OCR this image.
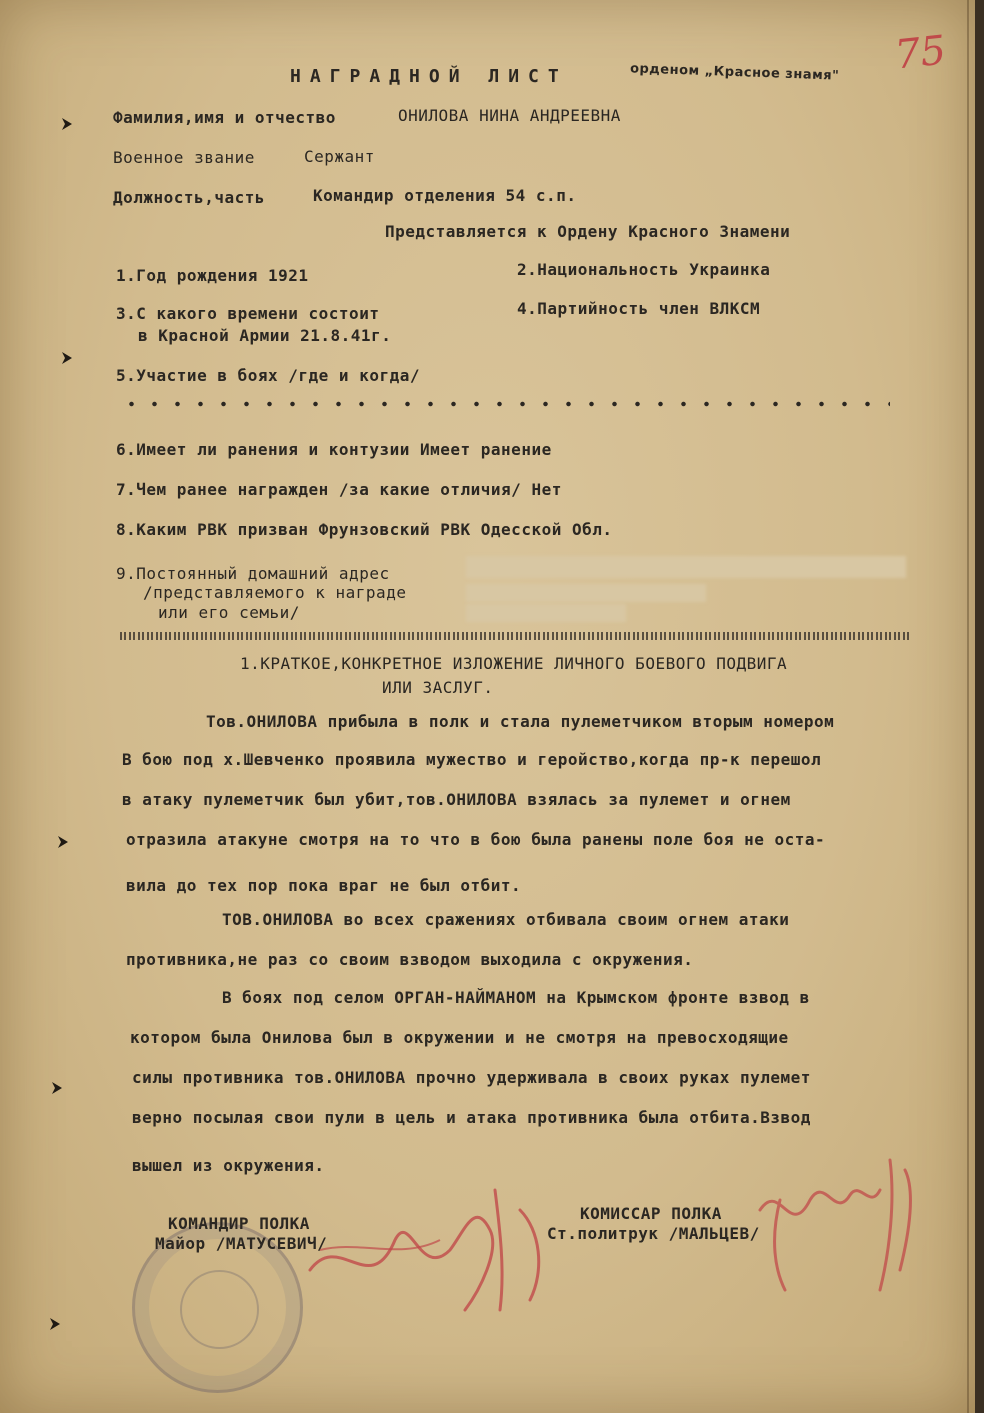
НАГРАДНОЙ ЛИСТ	орденом „Красное знамя" 75
Фамилия,имя и отчество	ОНИЛОВА НИНА АНДРЕЕВНА
Военное звание	Сержант
Должность,часть	Командир отделения 54 с.п.
Представляется к Ордену Красного Знамени
1.Год рождения 1921	2.Национальность Украинка
3.С какого времени состоит
в Красной Армии 21.8.41г.
4.Партийность член ВЛКСМ
5.Участие в боях /где и когда/
6.Имеет ли ранения и контузии Имеет ранение
7.Чем ранее награжден /за какие отличия/ Нет
8.Каким РВК призван Фрунзовский РВК Одесской Обл.
9.Постоянный домашний адрес
/представляемого к награде
или его семьи/
1.КРАТКОЕ,КОНКРЕТНОЕ ИЗЛОЖЕНИЕ ЛИЧНОГО БОЕВОГО ПОДВИГА
ИЛИ ЗАСЛУГ.
Тов.ОНИЛОВА прибыла в полк и стала пулеметчиком вторым номером
В бою под х.Шевченко проявила мужество и геройство,когда пр-к перешол
в атаку пулеметчик был убит,тов.ОНИЛОВА взялась за пулемет и огнем
отразила атакуне смотря на то что в бою была ранены поле боя не оста-
вила до тех пор пока враг не был отбит.
ТОВ.ОНИЛОВА во всех сражениях отбивала своим огнем атаки
противника,не раз со своим взводом выходила с окружения.
В боях под селом ОРГАН-НАЙМАНОМ на Крымском фронте взвод в
котором была Онилова был в окружении и не смотря на превосходящие
силы противника тов.ОНИЛОВА прочно удерживала в своих руках пулемет
верно посылая свои пули в цель и атака противника была отбита.Взвод
вышел из окружения.
КОМАНДИР ПОЛКА
Майор /МАТУСЕВИЧ/
КОМИССАР ПОЛКА
Ст.политрук /МАЛЬЦЕВ/
